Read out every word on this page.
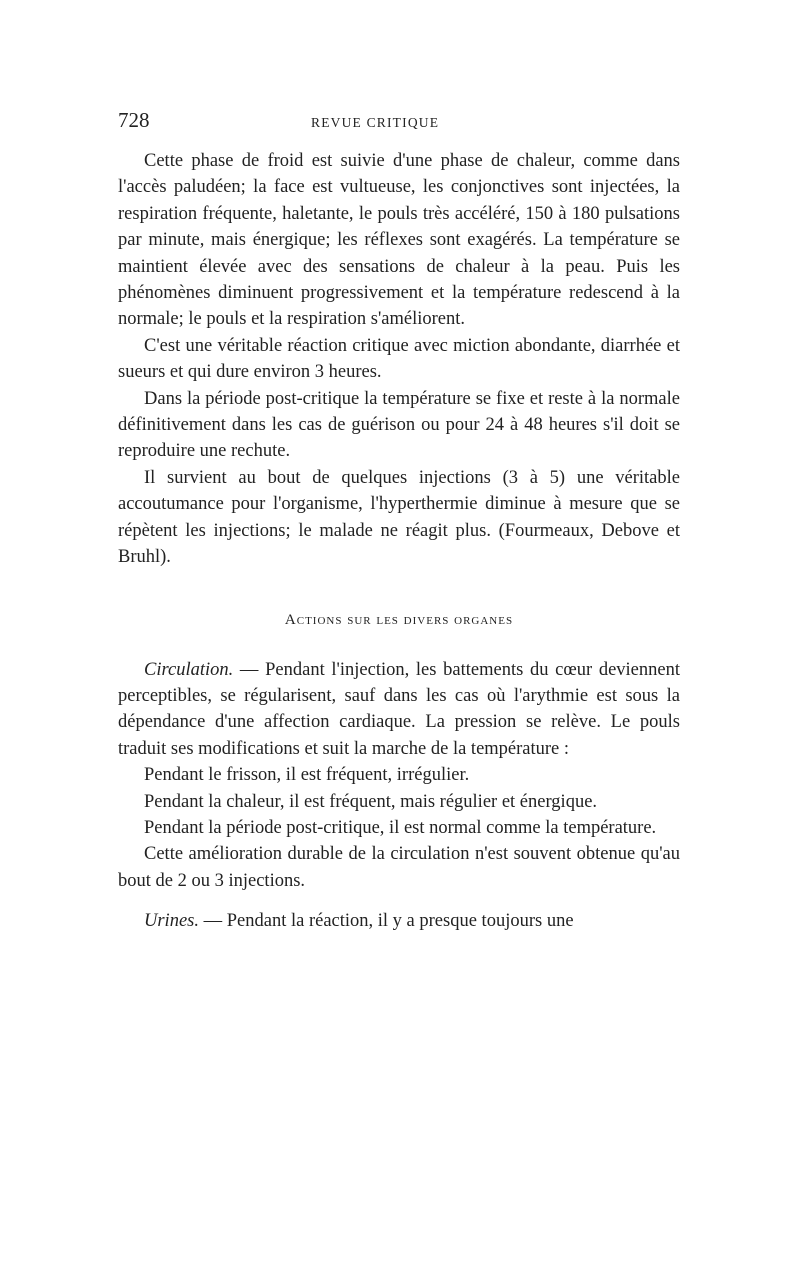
728	REVUE CRITIQUE

Cette phase de froid est suivie d'une phase de chaleur, comme dans l'accès paludéen; la face est vultueuse, les conjonctives sont injectées, la respiration fréquente, haletante, le pouls très accéléré, 150 à 180 pulsations par minute, mais énergique; les réflexes sont exagérés. La température se maintient élevée avec des sensations de chaleur à la peau. Puis les phénomènes diminuent progressivement et la température redescend à la normale; le pouls et la respiration s'améliorent.

C'est une véritable réaction critique avec miction abondante, diarrhée et sueurs et qui dure environ 3 heures.

Dans la période post-critique la température se fixe et reste à la normale définitivement dans les cas de guérison ou pour 24 à 48 heures s'il doit se reproduire une rechute.

Il survient au bout de quelques injections (3 à 5) une véritable accoutumance pour l'organisme, l'hyperthermie diminue à mesure que se répètent les injections; le malade ne réagit plus. (Fourmeaux, Debove et Bruhl).

Actions sur les divers organes

Circulation. — Pendant l'injection, les battements du cœur deviennent perceptibles, se régularisent, sauf dans les cas où l'arythmie est sous la dépendance d'une affection cardiaque. La pression se relève. Le pouls traduit ses modifications et suit la marche de la température :

Pendant le frisson, il est fréquent, irrégulier.

Pendant la chaleur, il est fréquent, mais régulier et énergique.

Pendant la période post-critique, il est normal comme la température.

Cette amélioration durable de la circulation n'est souvent obtenue qu'au bout de 2 ou 3 injections.

Urines. — Pendant la réaction, il y a presque toujours une
